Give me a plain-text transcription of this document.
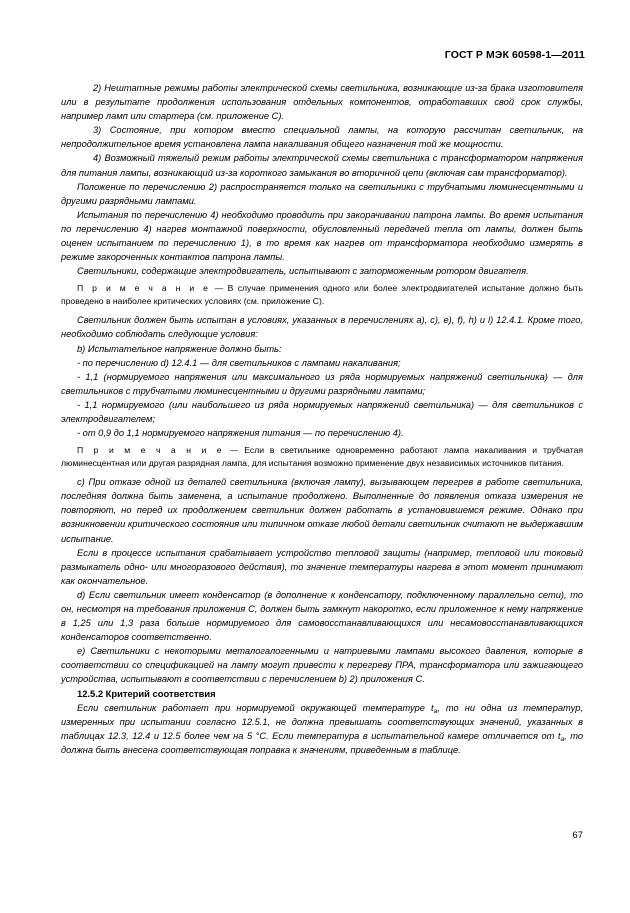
ГОСТ Р МЭК 60598-1—2011

2) Нештатные режимы работы электрической схемы светильника, возникающие из-за брака изготовителя или в результате продолжения использования отдельных компонентов, отработавших свой срок службы, например ламп или стартера (см. приложение С).

3) Состояние, при котором вместо специальной лампы, на которую рассчитан светильник, на непродолжительное время установлена лампа накаливания общего назначения той же мощности.

4) Возможный тяжелый режим работы электрической схемы светильника с трансформатором напряжения для питания лампы, возникающий из-за короткого замыкания во вторичной цепи (включая сам трансформатор).

Положение по перечислению 2) распространяется только на светильники с трубчатыми люминесцентными и другими разрядными лампами.

Испытания по перечислению 4) необходимо проводить при закорачивании патрона лампы. Во время испытания по перечислению 4) нагрев монтажной поверхности, обусловленный передачей тепла от лампы, должен быть оценен испытанием по перечислению 1), в то время как нагрев от трансформатора необходимо измерять в режиме закороченных контактов патрона лампы.

Светильники, содержащие электродвигатель, испытывают с заторможенным ротором двигателя.

П р и м е ч а н и е — В случае применения одного или более электродвигателей испытание должно быть проведено в наиболее критических условиях (см. приложение С).

Светильник должен быть испытан в условиях, указанных в перечислениях а), с), е), f), h) и l) 12.4.1. Кроме того, необходимо соблюдать следующие условия:

b) Испытательное напряжение должно быть:

- по перечислению d) 12.4.1 — для светильников с лампами накаливания;

- 1,1 (нормируемого напряжения или максимального из ряда нормируемых напряжений светильника) — для светильников с трубчатыми люминесцентными и другими разрядными лампами;

- 1,1 нормируемого (или наибольшего из ряда нормируемых напряжений светильника) — для светильников с электродвигателем;

- от 0,9 до 1,1 нормируемого напряжения питания — по перечислению 4).

П р и м е ч а н и е — Если в светильнике одновременно работают лампа накаливания и трубчатая люминесцентная или другая разрядная лампа, для испытания возможно применение двух независимых источников питания.

с) При отказе одной из деталей светильника (включая лампу), вызывающем перегрев в работе светильника, последняя должна быть заменена, а испытание продолжено. Выполненные до появления отказа измерения не повторяют, но перед их продолжением светильник должен работать в установившемся режиме. Однако при возникновении критического состояния или типичном отказе любой детали светильник считают не выдержавшим испытание.

Если в процессе испытания срабатывает устройство тепловой защиты (например, тепловой или токовый размыкатель одно- или многоразового действия), то значение температуры нагрева в этот момент принимают как окончательное.

d) Если светильник имеет конденсатор (в дополнение к конденсатору, подключенному параллельно сети), то он, несмотря на требования приложения С, должен быть замкнут накоротко, если приложенное к нему напряжение в 1,25 или 1,3 раза больше нормируемого для самовосстанавливающихся или несамовосстанавливающихся конденсаторов соответственно.

е) Светильники с некоторыми металогалогенными и натриевыми лампами высокого давления, которые в соответствии со спецификацией на лампу могут привести к перегреву ПРА, трансформатора или зажигающего устройства, испытывают в соответствии с перечислением b) 2) приложения С.

12.5.2 Критерий соответствия

Если светильник работает при нормируемой окружающей температуре $t_a$, то ни одна из температур, измеренных при испытании согласно 12.5.1, не должна превышать соответствующих значений, указанных в таблицах 12.3, 12.4 и 12.5 более чем на 5 °С. Если температура в испытательной камере отличается от $t_a$, то должна быть внесена соответствующая поправка к значениям, приведенным в таблице.

67
